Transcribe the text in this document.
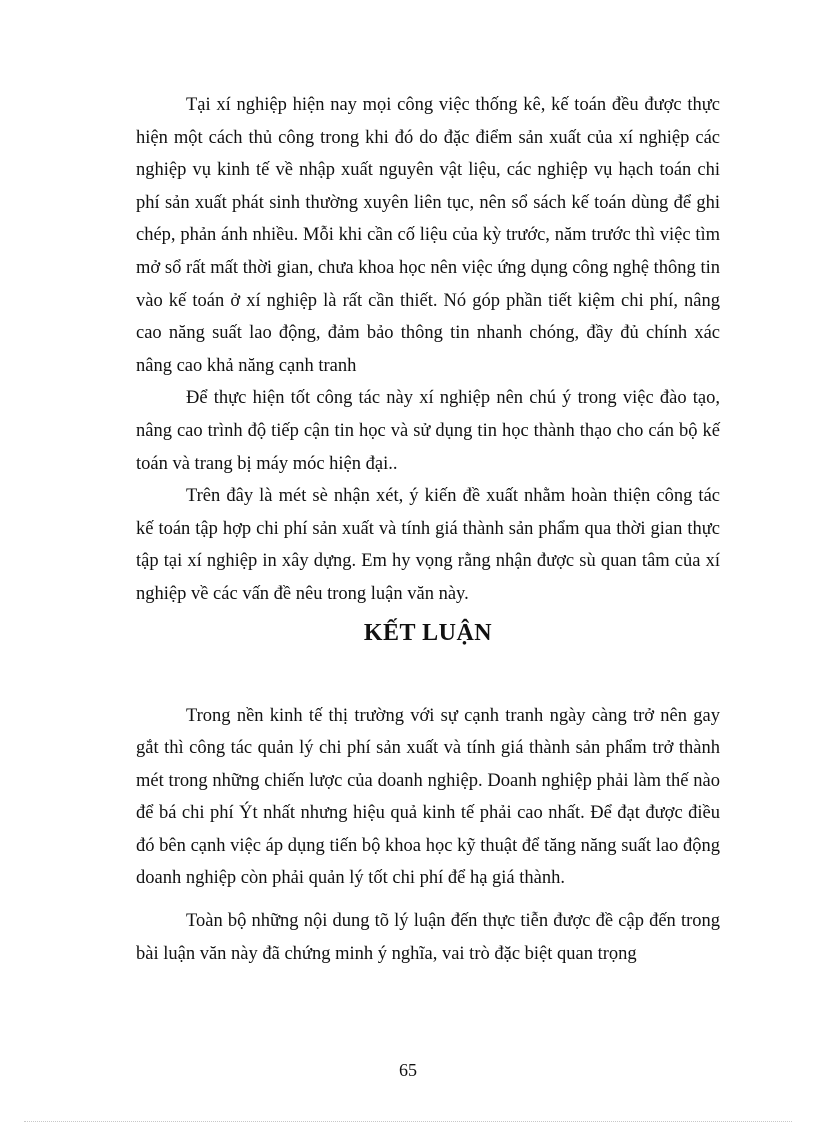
Tại xí nghiệp hiện nay mọi công việc thống kê, kế toán đều được thực hiện một cách thủ công trong khi đó do đặc điểm sản xuất của xí nghiệp các nghiệp vụ kinh tế về nhập xuất nguyên vật liệu, các nghiệp vụ hạch toán chi phí sản xuất phát sinh thường xuyên liên tục, nên sổ sách kế toán dùng để ghi chép, phản ánh nhiều. Mỗi khi cần cố liệu của kỳ trước, năm trước thì việc tìm mở sổ rất mất thời gian, chưa khoa học nên việc ứng dụng công nghệ thông tin vào kế toán ở xí nghiệp là rất cần thiết. Nó góp phần tiết kiệm chi phí, nâng cao năng suất lao động, đảm bảo thông tin nhanh chóng, đầy đủ chính xác nâng cao khả năng cạnh tranh

Để thực hiện tốt công tác này xí nghiệp nên chú ý trong việc đào tạo, nâng cao trình độ tiếp cận tin học và sử dụng tin học thành thạo cho cán bộ kế toán và trang bị máy móc hiện đại..

Trên đây là mét sè nhận xét, ý kiến đề xuất nhằm hoàn thiện công tác kế toán tập hợp chi phí sản xuất và tính giá thành sản phẩm qua thời gian thực tập tại xí nghiệp in xây dựng. Em hy vọng rằng nhận được sù quan tâm của xí nghiệp về các vấn đề nêu trong luận văn này.

KẾT LUẬN

Trong nền kinh tế thị trường với sự cạnh tranh ngày càng trở nên gay gắt thì công tác quản lý chi phí sản xuất và tính giá thành sản phẩm trở thành mét trong những chiến lược của doanh nghiệp. Doanh nghiệp phải làm thế nào để bá chi phí Ýt nhất nhưng hiệu quả kinh tế phải cao nhất. Để đạt được điều đó bên cạnh việc áp dụng tiến bộ khoa học kỹ thuật để tăng năng suất lao động doanh nghiệp còn phải quản lý tốt chi phí để hạ giá thành.

Toàn bộ những nội dung tõ lý luận đến thực tiễn được đề cập đến trong bài luận văn này đã chứng minh ý nghĩa, vai trò đặc biệt quan trọng

65
